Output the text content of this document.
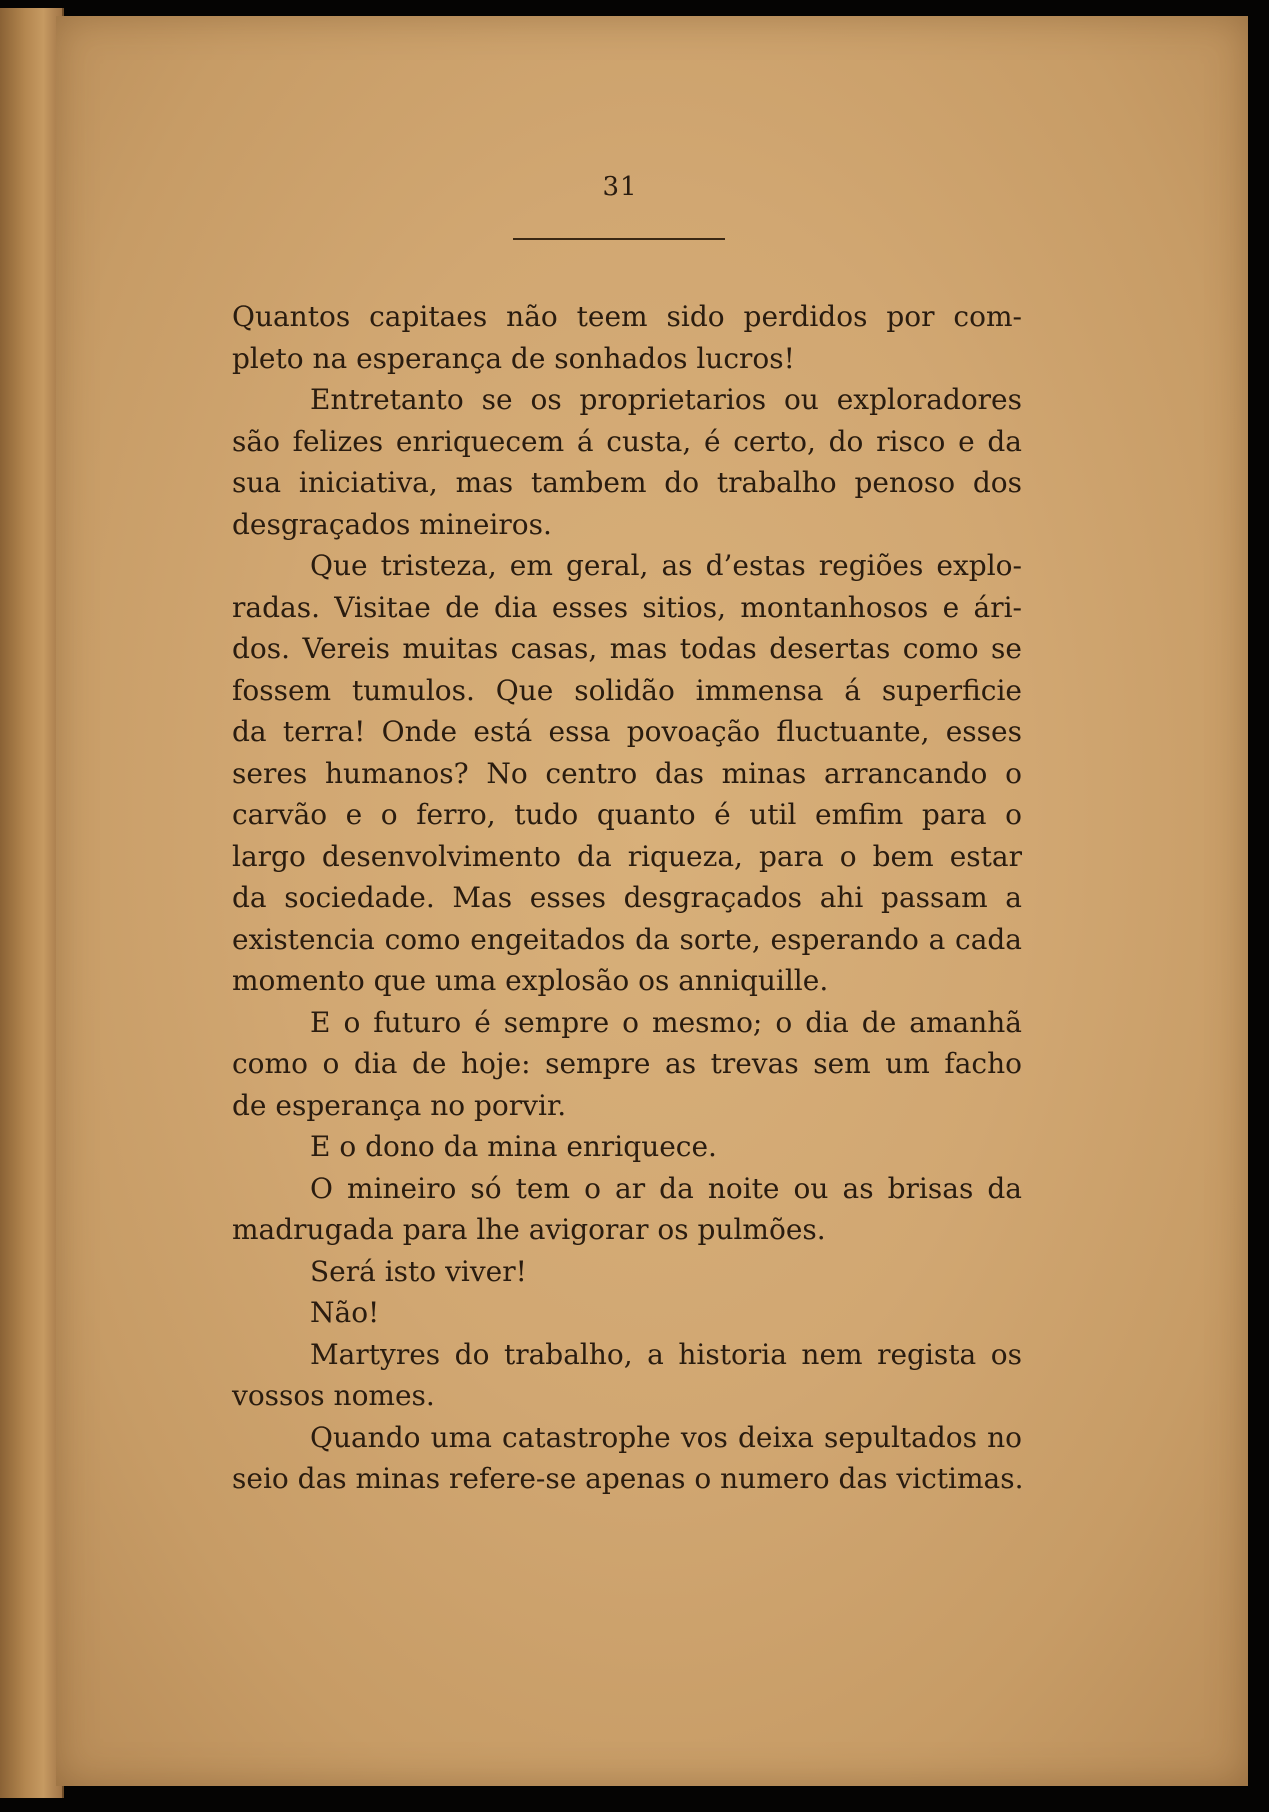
31
Quantos capitaes não teem sido perdidos por com-
pleto na esperança de sonhados lucros!
Entretanto se os proprietarios ou exploradores
são felizes enriquecem á custa, é certo, do risco e da
sua iniciativa, mas tambem do trabalho penoso dos
desgraçados mineiros.
Que tristeza, em geral, as d’estas regiões explo-
radas. Visitae de dia esses sitios, montanhosos e ári-
dos. Vereis muitas casas, mas todas desertas como se
fossem tumulos. Que solidão immensa á superficie
da terra! Onde está essa povoação fluctuante, esses
seres humanos? No centro das minas arrancando o
carvão e o ferro, tudo quanto é util emfim para o
largo desenvolvimento da riqueza, para o bem estar
da sociedade. Mas esses desgraçados ahi passam a
existencia como engeitados da sorte, esperando a cada
momento que uma explosão os anniquille.
E o futuro é sempre o mesmo; o dia de amanhã
como o dia de hoje: sempre as trevas sem um facho
de esperança no porvir.
E o dono da mina enriquece.
O mineiro só tem o ar da noite ou as brisas da
madrugada para lhe avigorar os pulmões.
Será isto viver!
Não!
Martyres do trabalho, a historia nem regista os
vossos nomes.
Quando uma catastrophe vos deixa sepultados no
seio das minas refere-se apenas o numero das victimas.
